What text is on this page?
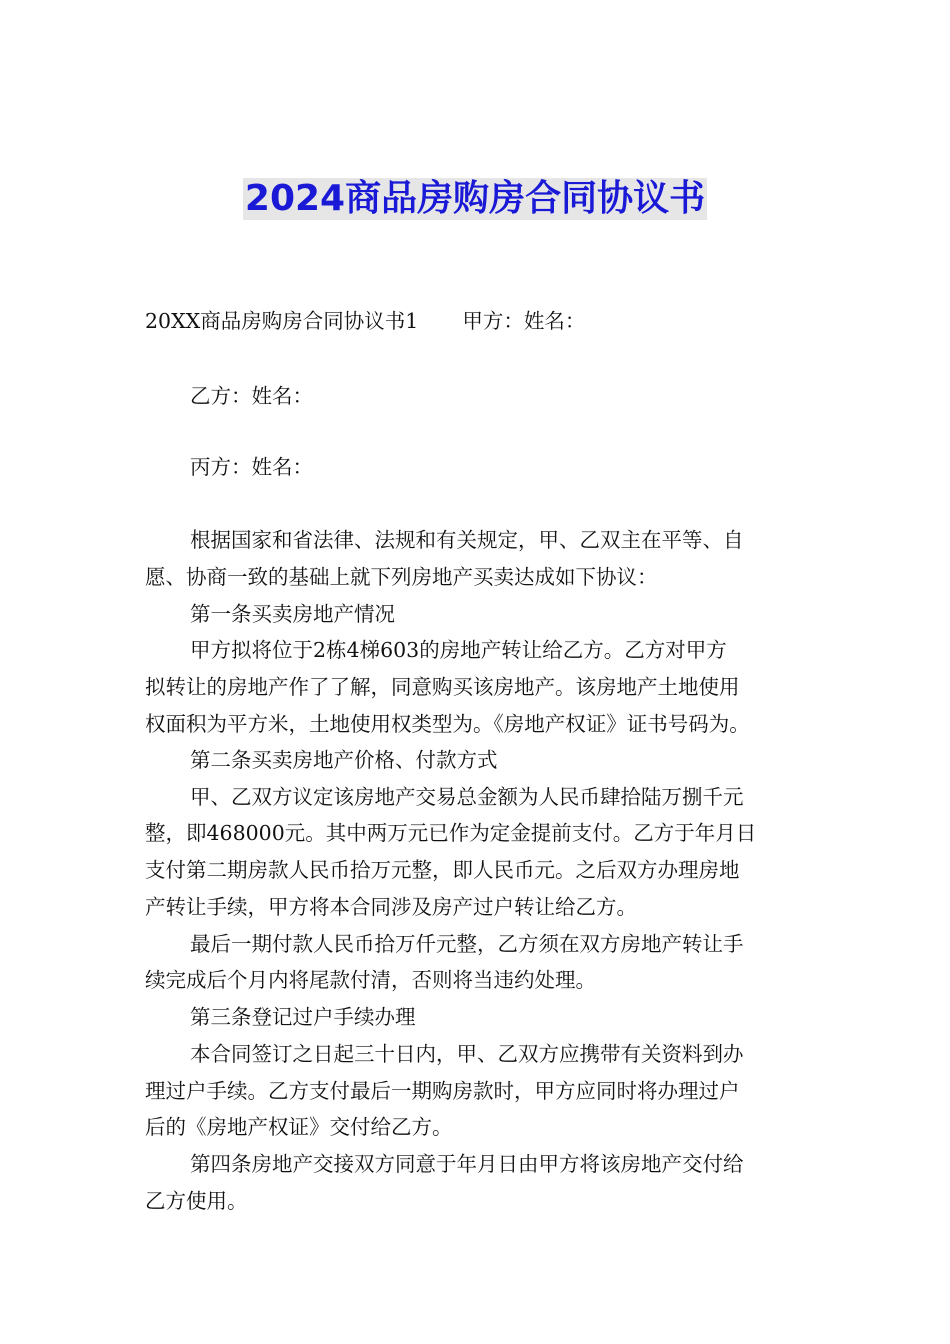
2024商品房购房合同协议书
20XX商品房购房合同协议书1 甲方：姓名：
乙方：姓名：
丙方：姓名：
根据国家和省法律、法规和有关规定，甲、乙双主在平等、自
愿、协商一致的基础上就下列房地产买卖达成如下协议：
第一条买卖房地产情况
甲方拟将位于2栋4梯603的房地产转让给乙方。乙方对甲方
拟转让的房地产作了了解，同意购买该房地产。该房地产土地使用
权面积为平方米，土地使用权类型为。《房地产权证》证书号码为。
第二条买卖房地产价格、付款方式
甲、乙双方议定该房地产交易总金额为人民币肆拾陆万捌千元
整，即468000元。其中两万元已作为定金提前支付。乙方于年月日
支付第二期房款人民币拾万元整，即人民币元。之后双方办理房地
产转让手续，甲方将本合同涉及房产过户转让给乙方。
最后一期付款人民币拾万仟元整，乙方须在双方房地产转让手
续完成后个月内将尾款付清，否则将当违约处理。
第三条登记过户手续办理
本合同签订之日起三十日内，甲、乙双方应携带有关资料到办
理过户手续。乙方支付最后一期购房款时，甲方应同时将办理过户
后的《房地产权证》交付给乙方。
第四条房地产交接双方同意于年月日由甲方将该房地产交付给
乙方使用。
